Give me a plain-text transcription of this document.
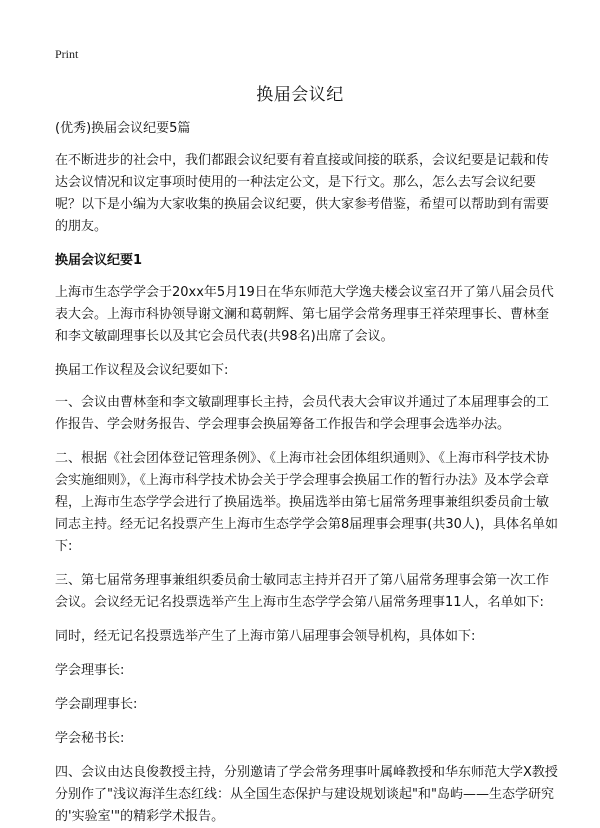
Print
换届会议纪

(优秀)换届会议纪要5篇

在不断进步的社会中，我们都跟会议纪要有着直接或间接的联系，会议纪要是记载和传达会议情况和议定事项时使用的一种法定公文，是下行文。那么，怎么去写会议纪要呢？以下是小编为大家收集的换届会议纪要，供大家参考借鉴，希望可以帮助到有需要的朋友。

换届会议纪要1

上海市生态学学会于20xx年5月19日在华东师范大学逸夫楼会议室召开了第八届会员代表大会。上海市科协领导谢文澜和葛朝辉、第七届学会常务理事王祥荣理事长、曹林奎和李文敏副理事长以及其它会员代表(共98名)出席了会议。

换届工作议程及会议纪要如下:

一、会议由曹林奎和李文敏副理事长主持，会员代表大会审议并通过了本届理事会的工作报告、学会财务报告、学会理事会换届筹备工作报告和学会理事会选举办法。

二、根据《社会团体登记管理条例》、《上海市社会团体组织通则》、《上海市科学技术协会实施细则》，《上海市科学技术协会关于学会理事会换届工作的暂行办法》及本学会章程，上海市生态学学会进行了换届选举。换届选举由第七届常务理事兼组织委员俞士敏同志主持。经无记名投票产生上海市生态学学会第8届理事会理事(共30人)，具体名单如下:

三、第七届常务理事兼组织委员俞士敏同志主持并召开了第八届常务理事会第一次工作会议。会议经无记名投票选举产生上海市生态学学会第八届常务理事11人，名单如下:

同时，经无记名投票选举产生了上海市第八届理事会领导机构，具体如下:

学会理事长:

学会副理事长:

学会秘书长:

四、会议由达良俊教授主持，分别邀请了学会常务理事叶属峰教授和华东师范大学X教授分别作了"浅议海洋生态红线：从全国生态保护与建设规划谈起"和"岛屿——生态学研究的'实验室'"的精彩学术报告。
